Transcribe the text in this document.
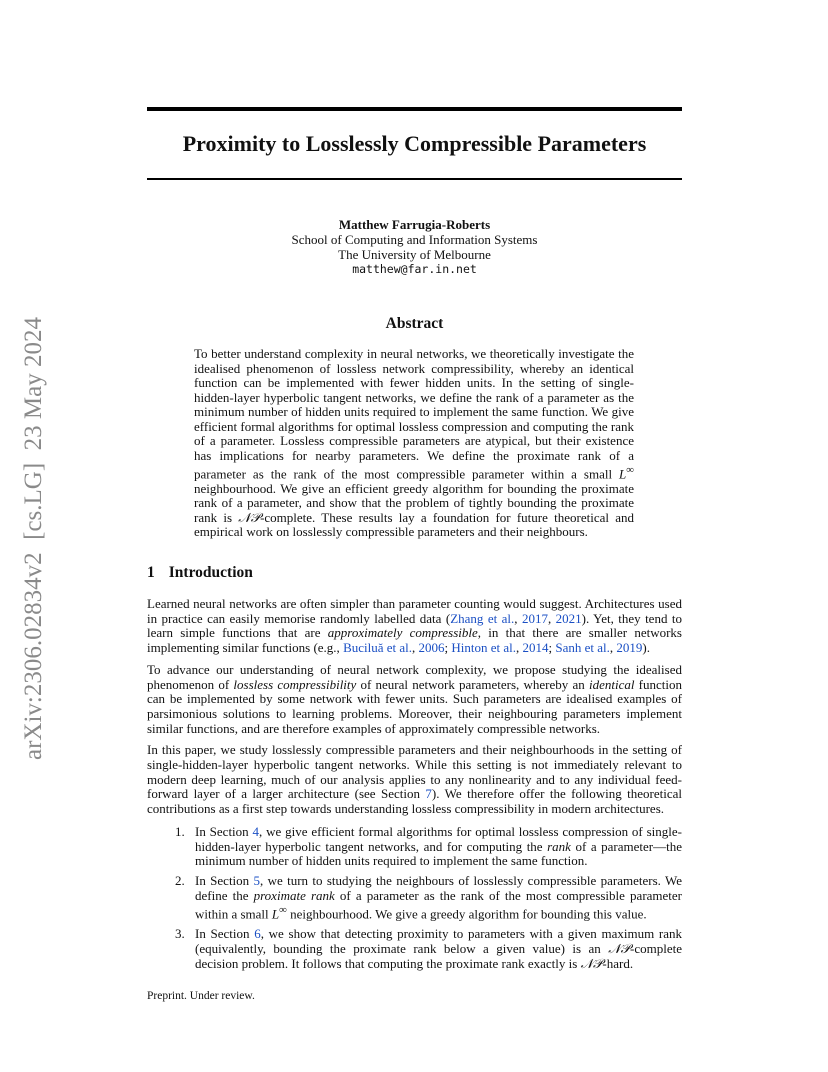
arXiv:2306.02834v2  [cs.LG]  23 May 2024
Proximity to Losslessly Compressible Parameters
Matthew Farrugia-Roberts
School of Computing and Information Systems
The University of Melbourne
matthew@far.in.net
Abstract
To better understand complexity in neural networks, we theoretically investigate the idealised phenomenon of lossless network compressibility, whereby an identical function can be implemented with fewer hidden units. In the setting of single-hidden-layer hyperbolic tangent networks, we define the rank of a parameter as the minimum number of hidden units required to implement the same function. We give efficient formal algorithms for optimal lossless compression and computing the rank of a parameter. Lossless compressible parameters are atypical, but their existence has implications for nearby parameters. We define the proximate rank of a parameter as the rank of the most compressible parameter within a small L∞ neighbourhood. We give an efficient greedy algorithm for bounding the proximate rank of a parameter, and show that the problem of tightly bounding the proximate rank is 𝒩𝒫-complete. These results lay a foundation for future theoretical and empirical work on losslessly compressible parameters and their neighbours.
1 Introduction

Learned neural networks are often simpler than parameter counting would suggest. Architectures used in practice can easily memorise randomly labelled data (Zhang et al., 2017, 2021). Yet, they tend to learn simple functions that are approximately compressible, in that there are smaller networks implementing similar functions (e.g., Buciluă et al., 2006; Hinton et al., 2014; Sanh et al., 2019).

To advance our understanding of neural network complexity, we propose studying the idealised phenomenon of lossless compressibility of neural network parameters, whereby an identical function can be implemented by some network with fewer units. Such parameters are idealised examples of parsimonious solutions to learning problems. Moreover, their neighbouring parameters implement similar functions, and are therefore examples of approximately compressible networks.

In this paper, we study losslessly compressible parameters and their neighbourhoods in the setting of single-hidden-layer hyperbolic tangent networks. While this setting is not immediately relevant to modern deep learning, much of our analysis applies to any nonlinearity and to any individual feed-forward layer of a larger architecture (see Section 7). We therefore offer the following theoretical contributions as a first step towards understanding lossless compressibility in modern architectures.

1. In Section 4, we give efficient formal algorithms for optimal lossless compression of single-hidden-layer hyperbolic tangent networks, and for computing the rank of a parameter—the minimum number of hidden units required to implement the same function.
2. In Section 5, we turn to studying the neighbours of losslessly compressible parameters. We define the proximate rank of a parameter as the rank of the most compressible parameter within a small L∞ neighbourhood. We give a greedy algorithm for bounding this value.
3. In Section 6, we show that detecting proximity to parameters with a given maximum rank (equivalently, bounding the proximate rank below a given value) is an 𝒩𝒫-complete decision problem. It follows that computing the proximate rank exactly is 𝒩𝒫-hard.
Preprint. Under review.
